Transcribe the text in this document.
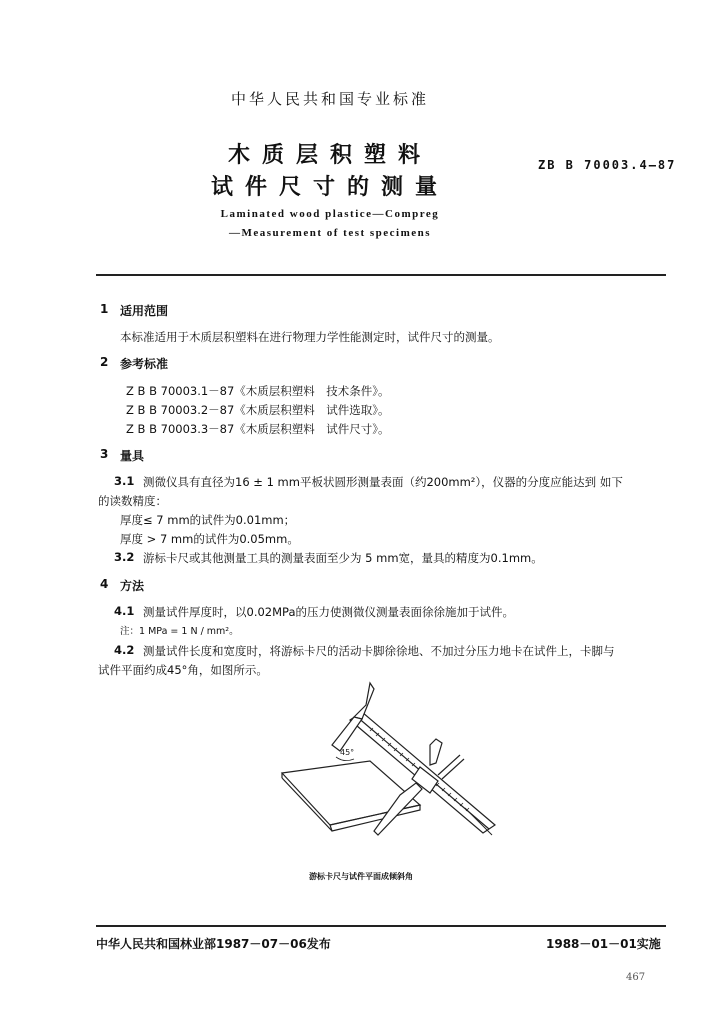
中华人民共和国专业标准
木质层积塑料
试件尺寸的测量
ZB B 70003.4—87
Laminated wood plastice—Compreg
—Measurement of test specimens
1 适用范围
本标准适用于木质层积塑料在进行物理力学性能测定时，试件尺寸的测量。
2 参考标准
Z B B 70003.1－87《木质层积塑料　技术条件》。
Z B B 70003.2－87《木质层积塑料　试件选取》。
Z B B 70003.3－87《木质层积塑料　试件尺寸》。
3 量具
3.1 测微仪具有直径为16 ± 1 mm平板状圆形测量表面（约200mm²），仪器的分度应能达到 如下
的读数精度：
厚度≤ 7 mm的试件为0.01mm；
厚度 > 7 mm的试件为0.05mm。
3.2 游标卡尺或其他测量工具的测量表面至少为 5 mm宽，量具的精度为0.1mm。
4 方法
4.1 测量试件厚度时，以0.02MPa的压力使测微仪测量表面徐徐施加于试件。
注：1 MPa = 1 N / mm²。
4.2 测量试件长度和宽度时，将游标卡尺的活动卡脚徐徐地、不加过分压力地卡在试件上，卡脚与
试件平面约成45°角，如图所示。
45°
游标卡尺与试件平面成倾斜角
中华人民共和国林业部1987－07－06发布	1988－01－01实施
467
